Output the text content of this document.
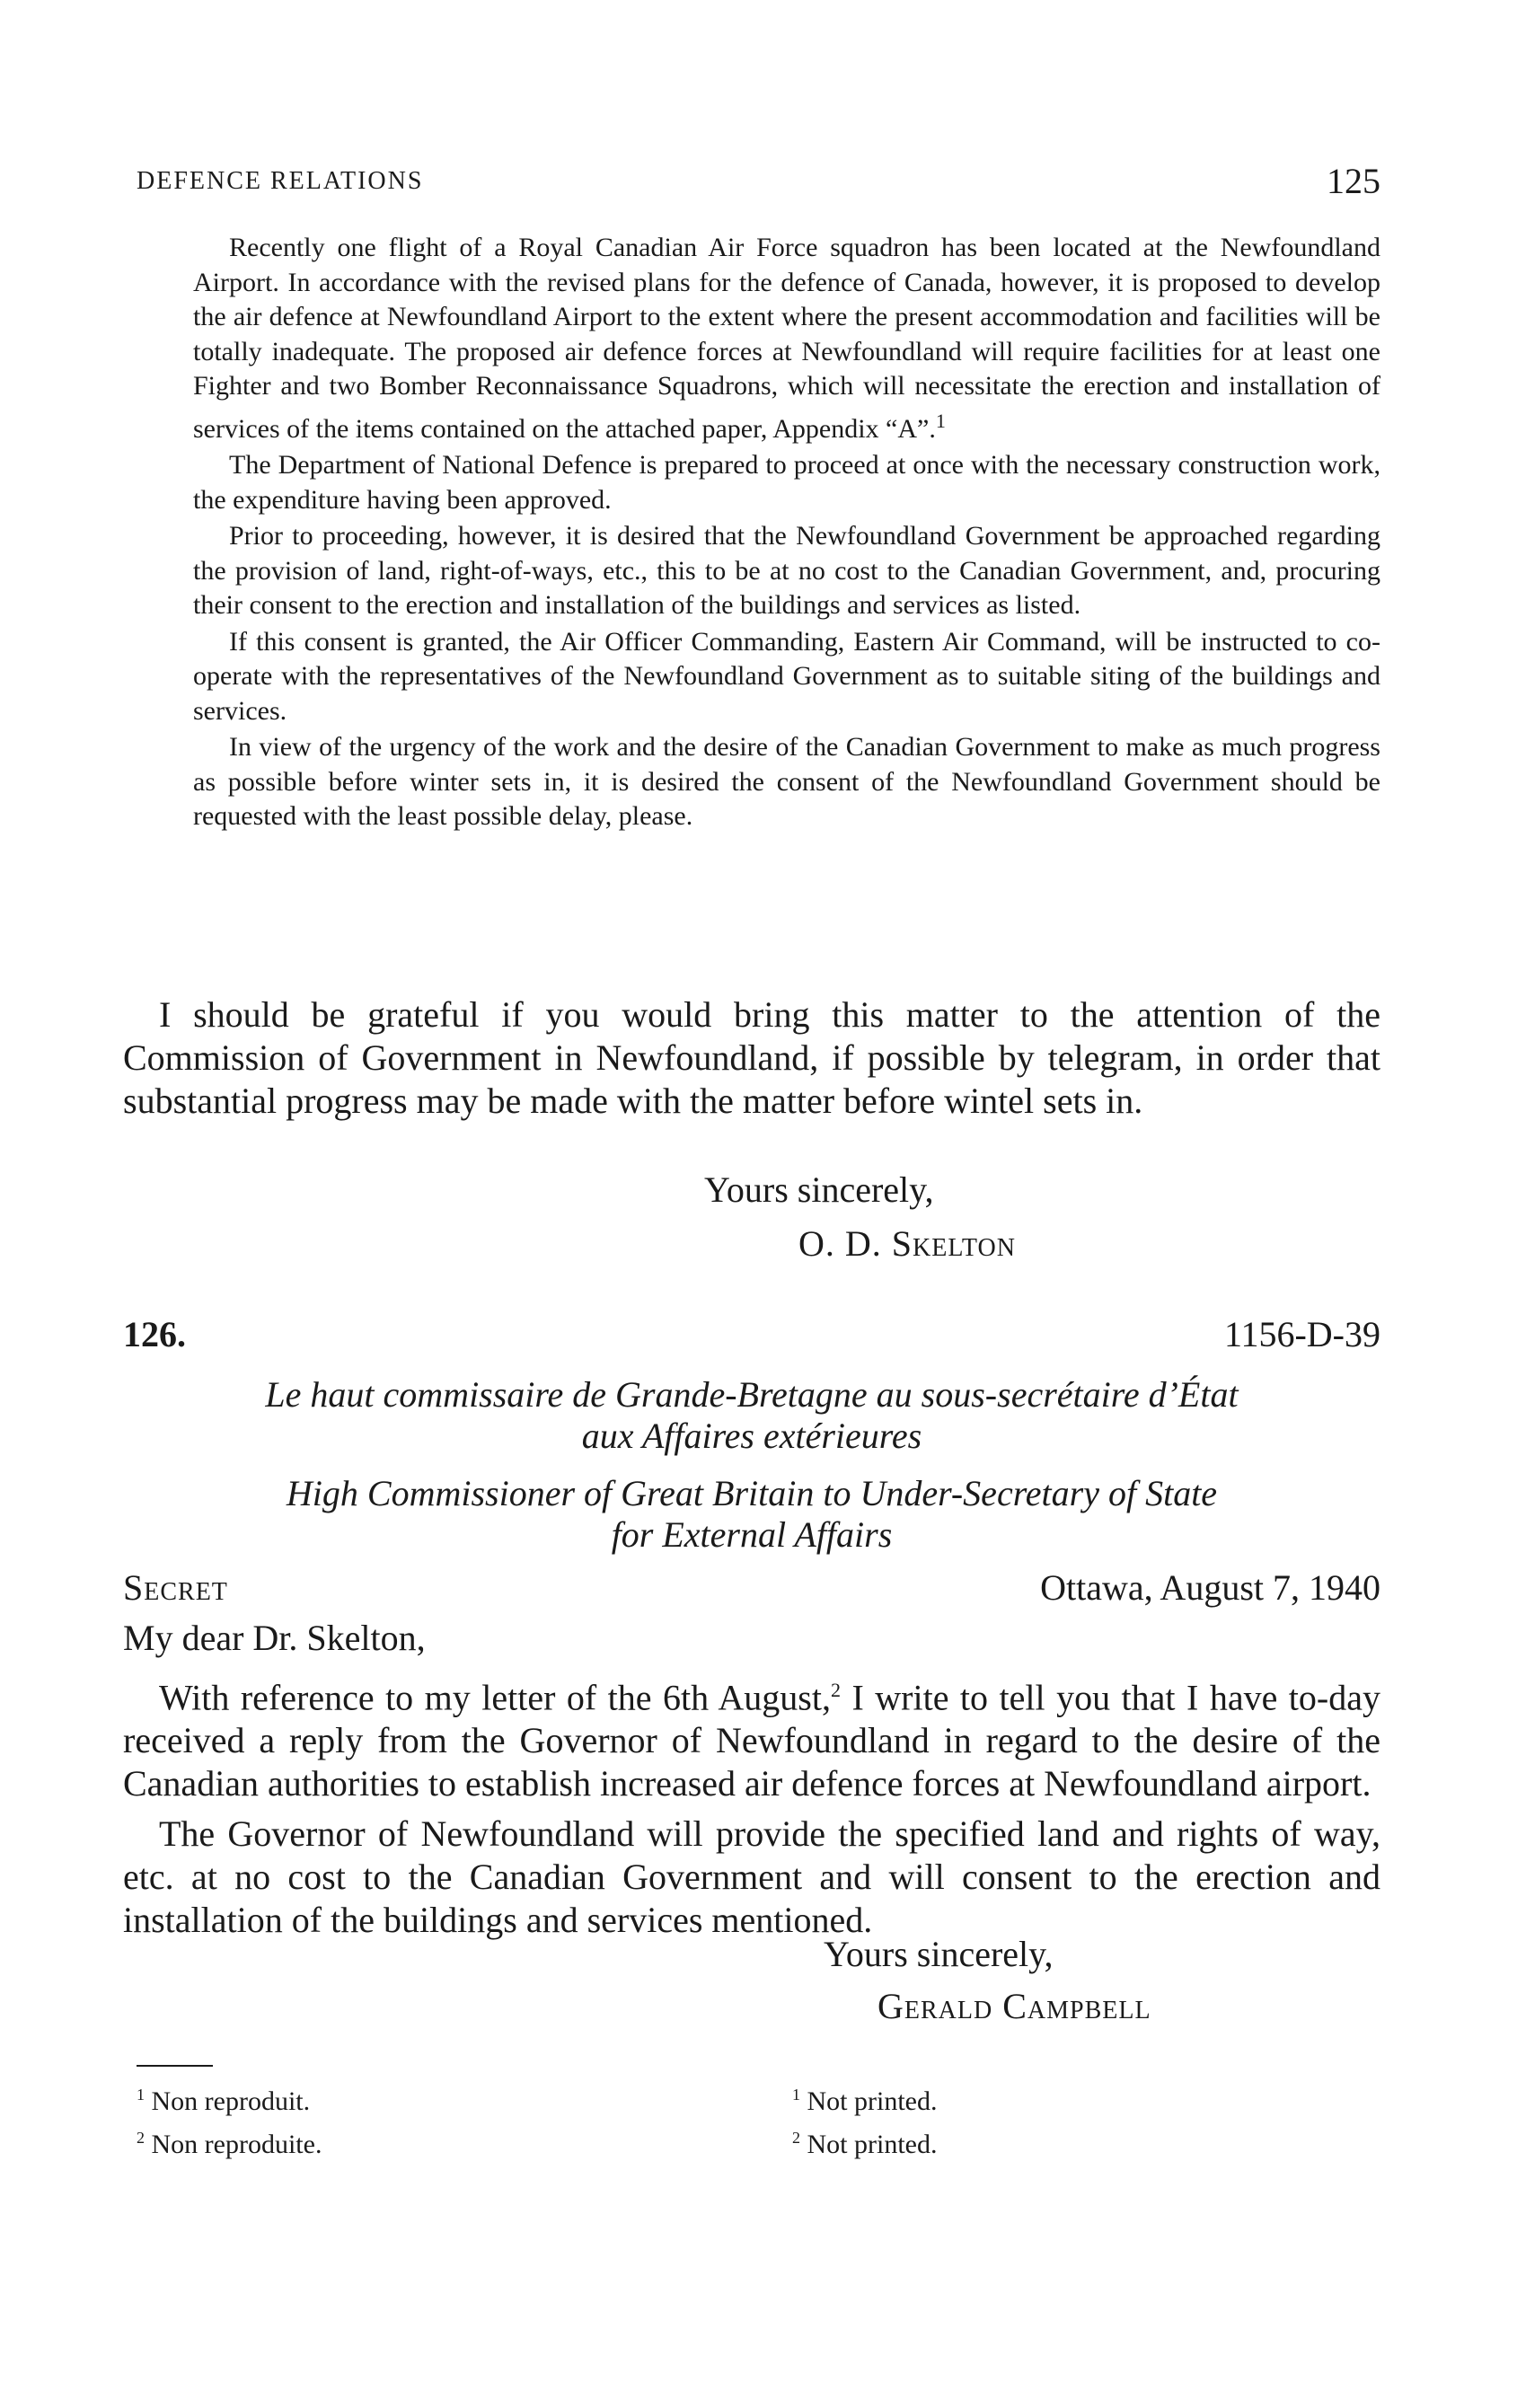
DEFENCE RELATIONS	125

Recently one flight of a Royal Canadian Air Force squadron has been located at the Newfoundland Airport. In accordance with the revised plans for the defence of Canada, however, it is proposed to develop the air defence at Newfoundland Airport to the extent where the present accommodation and facilities will be totally inadequate. The proposed air defence forces at Newfoundland will require facilities for at least one Fighter and two Bomber Reconnaissance Squadrons, which will necessitate the erection and installation of services of the items contained on the attached paper, Appendix “A”.$^1$

The Department of National Defence is prepared to proceed at once with the necessary construction work, the expenditure having been approved.

Prior to proceeding, however, it is desired that the Newfoundland Government be approached regarding the provision of land, right-of-ways, etc., this to be at no cost to the Canadian Government, and, procuring their consent to the erection and installation of the buildings and services as listed.

If this consent is granted, the Air Officer Commanding, Eastern Air Command, will be instructed to co-operate with the representatives of the Newfoundland Government as to suitable siting of the buildings and services.

In view of the urgency of the work and the desire of the Canadian Government to make as much progress as possible before winter sets in, it is desired the consent of the Newfoundland Government should be requested with the least possible delay, please.

I should be grateful if you would bring this matter to the attention of the Commission of Government in Newfoundland, if possible by telegram, in order that substantial progress may be made with the matter before wintel sets in.

Yours sincerely,
O. D. Skelton
126.	1156-D-39
Le haut commissaire de Grande-Bretagne au sous-secrétaire d’État
aux Affaires extérieures
High Commissioner of Great Britain to Under-Secretary of State
for External Affairs
Secret	Ottawa, August 7, 1940
My dear Dr. Skelton,

With reference to my letter of the 6th August,$^2$ I write to tell you that I have to-day received a reply from the Governor of Newfoundland in regard to the desire of the Canadian authorities to establish increased air defence forces at Newfoundland airport.

The Governor of Newfoundland will provide the specified land and rights of way, etc. at no cost to the Canadian Government and will consent to the erection and installation of the buildings and services mentioned.

Yours sincerely,
Gerald Campbell
$^1$ Non reproduit.
$^2$ Non reproduite.
$^1$ Not printed.
$^2$ Not printed.
